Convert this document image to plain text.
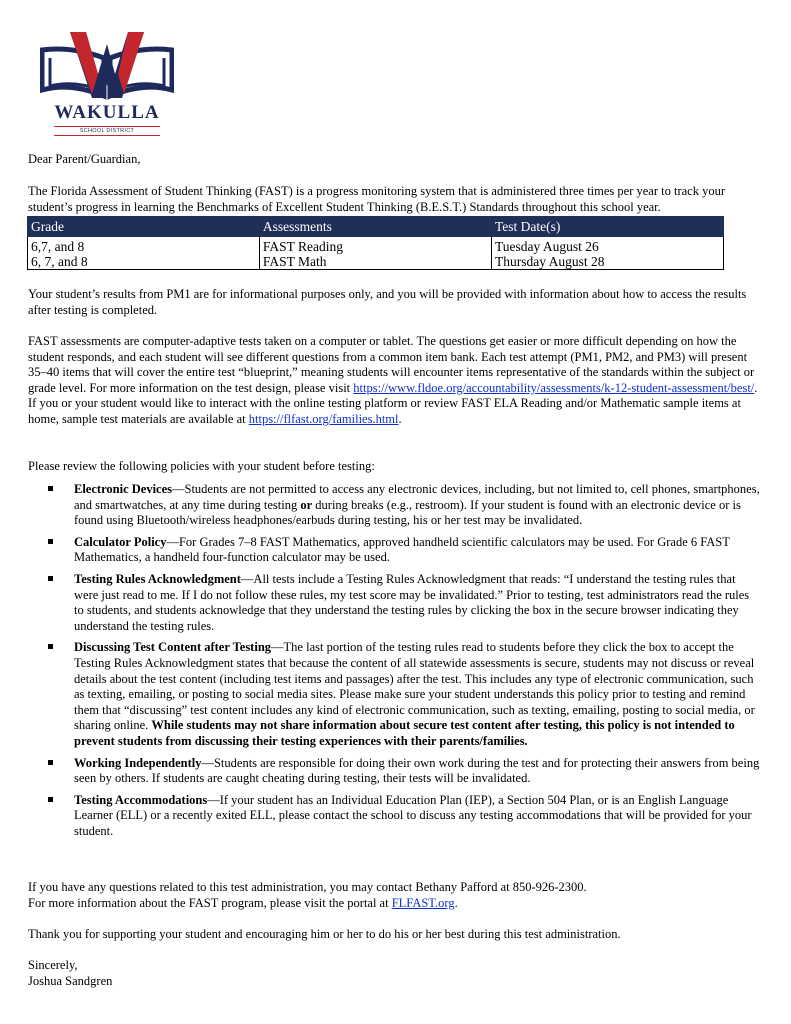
WAKULLA
SCHOOL DISTRICT
Dear Parent/Guardian,
The Florida Assessment of Student Thinking (FAST) is a progress monitoring system that is administered three times per year to track your student’s progress in learning the Benchmarks of Excellent Student Thinking (B.E.S.T.) Standards throughout this school year.
Grade	Assessments	Test Date(s)
6,7, and 8	FAST Reading	Tuesday August 26
6, 7, and 8	FAST Math	Thursday August 28
Your student’s results from PM1 are for informational purposes only, and you will be provided with information about how to access the results after testing is completed.
FAST assessments are computer-adaptive tests taken on a computer or tablet. The questions get easier or more difficult depending on how the student responds, and each student will see different questions from a common item bank. Each test attempt (PM1, PM2, and PM3) will present 35–40 items that will cover the entire test “blueprint,” meaning students will encounter items representative of the standards within the subject or grade level. For more information on the test design, please visit https://www.fldoe.org/accountability/assessments/k-12-student-assessment/best/. If you or your student would like to interact with the online testing platform or review FAST ELA Reading and/or Mathematic sample items at home, sample test materials are available at https://flfast.org/families.html.
Please review the following policies with your student before testing:
Electronic Devices—Students are not permitted to access any electronic devices, including, but not limited to, cell phones, smartphones, and smartwatches, at any time during testing or during breaks (e.g., restroom). If your student is found with an electronic device or is found using Bluetooth/wireless headphones/earbuds during testing, his or her test may be invalidated.
Calculator Policy—For Grades 7–8 FAST Mathematics, approved handheld scientific calculators may be used. For Grade 6 FAST Mathematics, a handheld four-function calculator may be used.
Testing Rules Acknowledgment—All tests include a Testing Rules Acknowledgment that reads: “I understand the testing rules that were just read to me. If I do not follow these rules, my test score may be invalidated.” Prior to testing, test administrators read the rules to students, and students acknowledge that they understand the testing rules by clicking the box in the secure browser indicating they understand the testing rules.
Discussing Test Content after Testing—The last portion of the testing rules read to students before they click the box to accept the Testing Rules Acknowledgment states that because the content of all statewide assessments is secure, students may not discuss or reveal details about the test content (including test items and passages) after the test. This includes any type of electronic communication, such as texting, emailing, or posting to social media sites. Please make sure your student understands this policy prior to testing and remind them that “discussing” test content includes any kind of electronic communication, such as texting, emailing, posting to social media, or sharing online. While students may not share information about secure test content after testing, this policy is not intended to prevent students from discussing their testing experiences with their parents/families.
Working Independently—Students are responsible for doing their own work during the test and for protecting their answers from being seen by others. If students are caught cheating during testing, their tests will be invalidated.
Testing Accommodations—If your student has an Individual Education Plan (IEP), a Section 504 Plan, or is an English Language Learner (ELL) or a recently exited ELL, please contact the school to discuss any testing accommodations that will be provided for your student.

If you have any questions related to this test administration, you may contact Bethany Pafford at 850-926-2300.

For more information about the FAST program, please visit the portal at FLFAST.org.

Thank you for supporting your student and encouraging him or her to do his or her best during this test administration.

Sincerely,

Joshua Sandgren
